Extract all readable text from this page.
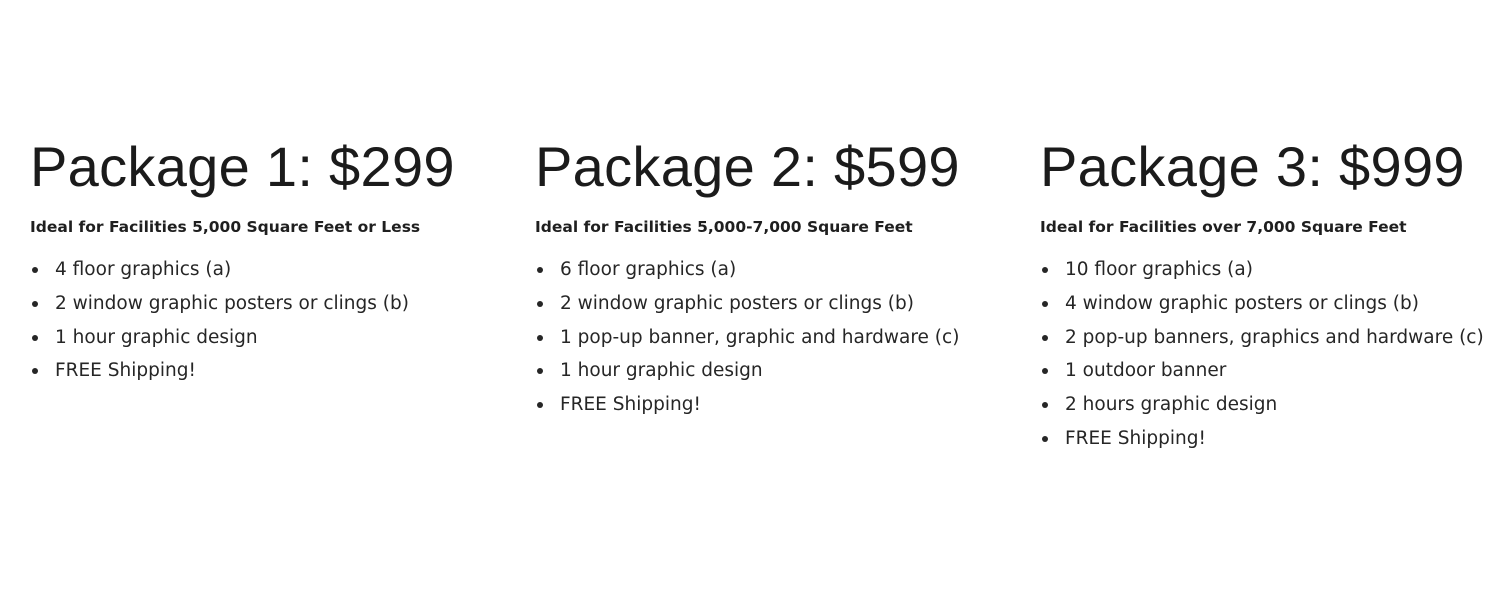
Package 1: $299
Ideal for Facilities 5,000 Square Feet or Less
4 floor graphics (a)
2 window graphic posters or clings (b)
1 hour graphic design
FREE Shipping!
Package 2: $599
Ideal for Facilities 5,000-7,000 Square Feet
6 floor graphics (a)
2 window graphic posters or clings (b)
1 pop-up banner, graphic and hardware (c)
1 hour graphic design
FREE Shipping!
Package 3: $999
Ideal for Facilities over 7,000 Square Feet
10 floor graphics (a)
4 window graphic posters or clings (b)
2 pop-up banners, graphics and hardware (c)
1 outdoor banner
2 hours graphic design
FREE Shipping!
